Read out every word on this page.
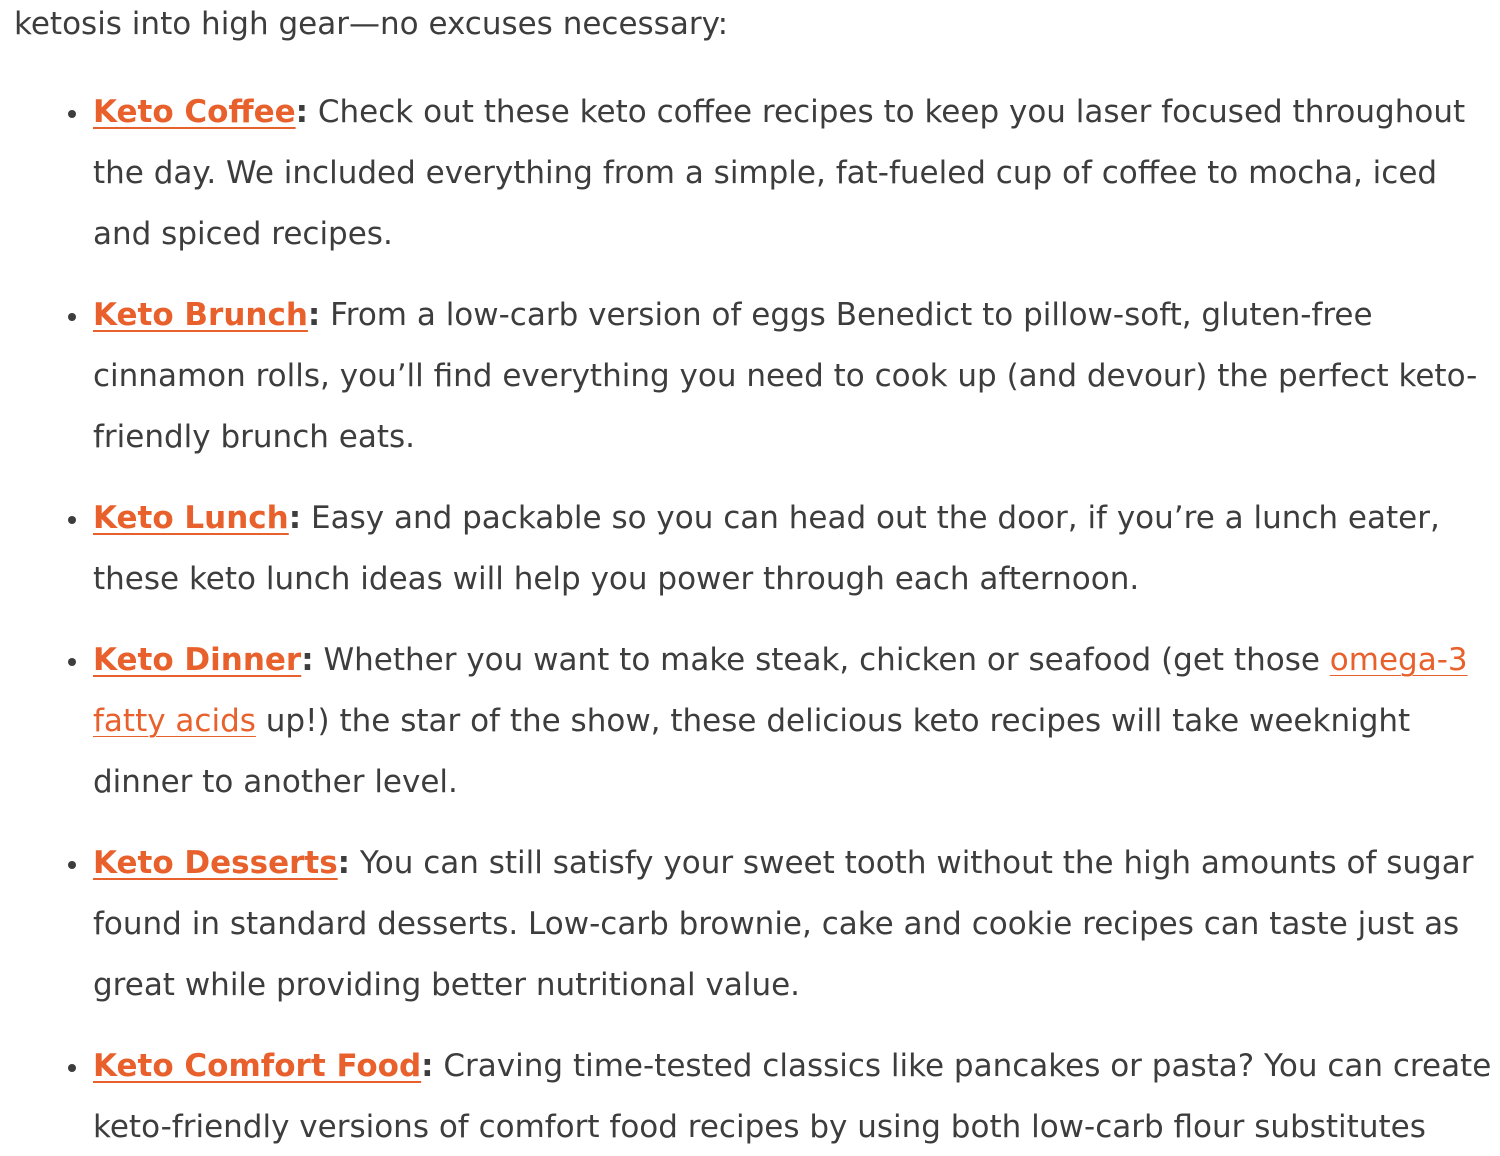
ketosis into high gear—no excuses necessary:

Keto Coffee: Check out these keto coffee recipes to keep you laser focused throughout the day. We included everything from a simple, fat-fueled cup of coffee to mocha, iced and spiced recipes.
Keto Brunch: From a low-carb version of eggs Benedict to pillow-soft, gluten-free cinnamon rolls, you’ll find everything you need to cook up (and devour) the perfect keto-friendly brunch eats.
Keto Lunch: Easy and packable so you can head out the door, if you’re a lunch eater, these keto lunch ideas will help you power through each afternoon.
Keto Dinner: Whether you want to make steak, chicken or seafood (get those omega-3 fatty acids up!) the star of the show, these delicious keto recipes will take weeknight dinner to another level.
Keto Desserts: You can still satisfy your sweet tooth without the high amounts of sugar found in standard desserts. Low-carb brownie, cake and cookie recipes can taste just as great while providing better nutritional value.
Keto Comfort Food: Craving time-tested classics like pancakes or pasta? You can create keto-friendly versions of comfort food recipes by using both low-carb flour substitutes
